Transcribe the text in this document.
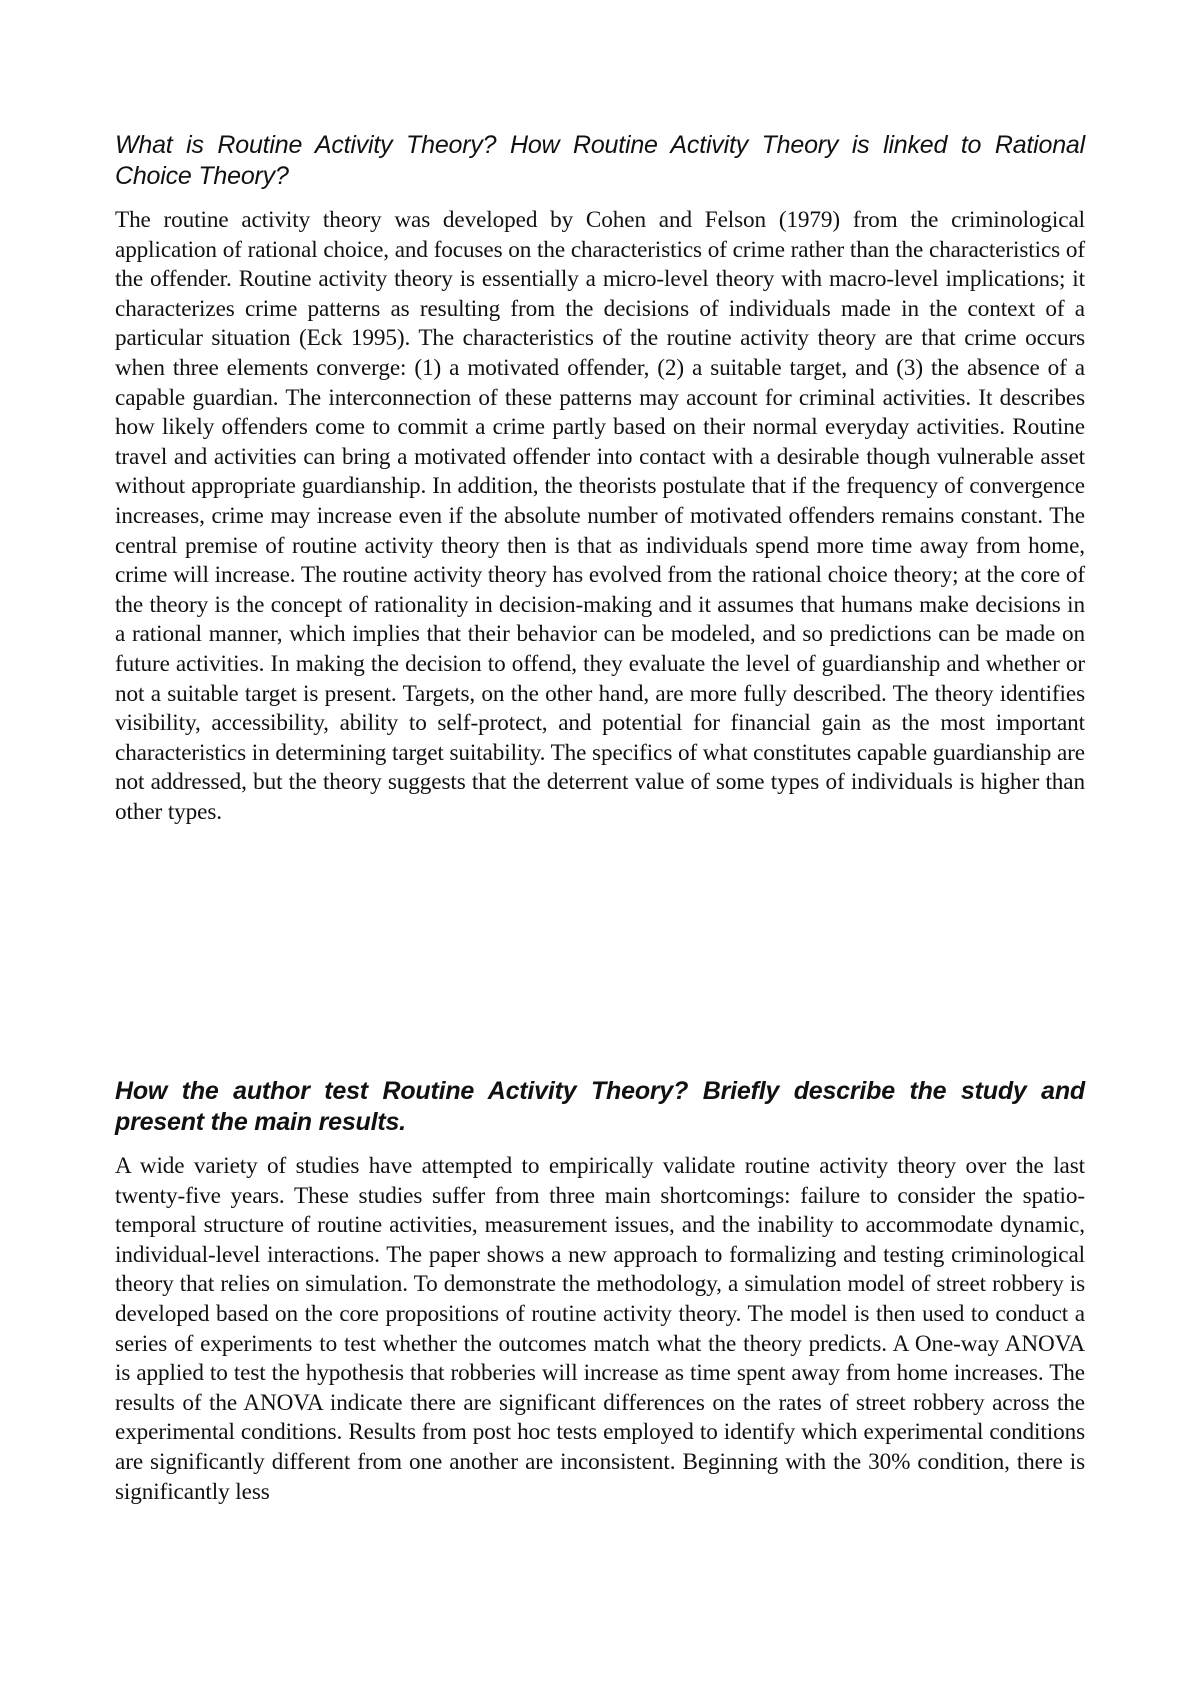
What is Routine Activity Theory? How Routine Activity Theory is linked to Rational Choice Theory?

The routine activity theory was developed by Cohen and Felson (1979) from the criminological application of rational choice, and focuses on the characteristics of crime rather than the characteristics of the offender. Routine activity theory is essentially a micro-level theory with macro-level implications; it characterizes crime patterns as resulting from the decisions of individuals made in the context of a particular situation (Eck 1995). The characteristics of the routine activity theory are that crime occurs when three elements converge: (1) a motivated offender, (2) a suitable target, and (3) the absence of a capable guardian. The interconnection of these patterns may account for criminal activities. It describes how likely offenders come to commit a crime partly based on their normal everyday activities. Routine travel and activities can bring a motivated offender into contact with a desirable though vulnerable asset without appropriate guardianship. In addition, the theorists postulate that if the frequency of convergence increases, crime may increase even if the absolute number of motivated offenders remains constant. The central premise of routine activity theory then is that as individuals spend more time away from home, crime will increase. The routine activity theory has evolved from the rational choice theory; at the core of the theory is the concept of rationality in decision-making and it assumes that humans make decisions in a rational manner, which implies that their behavior can be modeled, and so predictions can be made on future activities. In making the decision to offend, they evaluate the level of guardianship and whether or not a suitable target is present. Targets, on the other hand, are more fully described. The theory identifies visibility, accessibility, ability to self-protect, and potential for financial gain as the most important characteristics in determining target suitability. The specifics of what constitutes capable guardianship are not addressed, but the theory suggests that the deterrent value of some types of individuals is higher than other types.

How the author test Routine Activity Theory? Briefly describe the study and present the main results.

A wide variety of studies have attempted to empirically validate routine activity theory over the last twenty-five years. These studies suffer from three main shortcomings: failure to consider the spatio-temporal structure of routine activities, measurement issues, and the inability to accommodate dynamic, individual-level interactions. The paper shows a new approach to formalizing and testing criminological theory that relies on simulation. To demonstrate the methodology, a simulation model of street robbery is developed based on the core propositions of routine activity theory. The model is then used to conduct a series of experiments to test whether the outcomes match what the theory predicts. A One-way ANOVA is applied to test the hypothesis that robberies will increase as time spent away from home increases. The results of the ANOVA indicate there are significant differences on the rates of street robbery across the experimental conditions. Results from post hoc tests employed to identify which experimental conditions are significantly different from one another are inconsistent. Beginning with the 30% condition, there is significantly less
